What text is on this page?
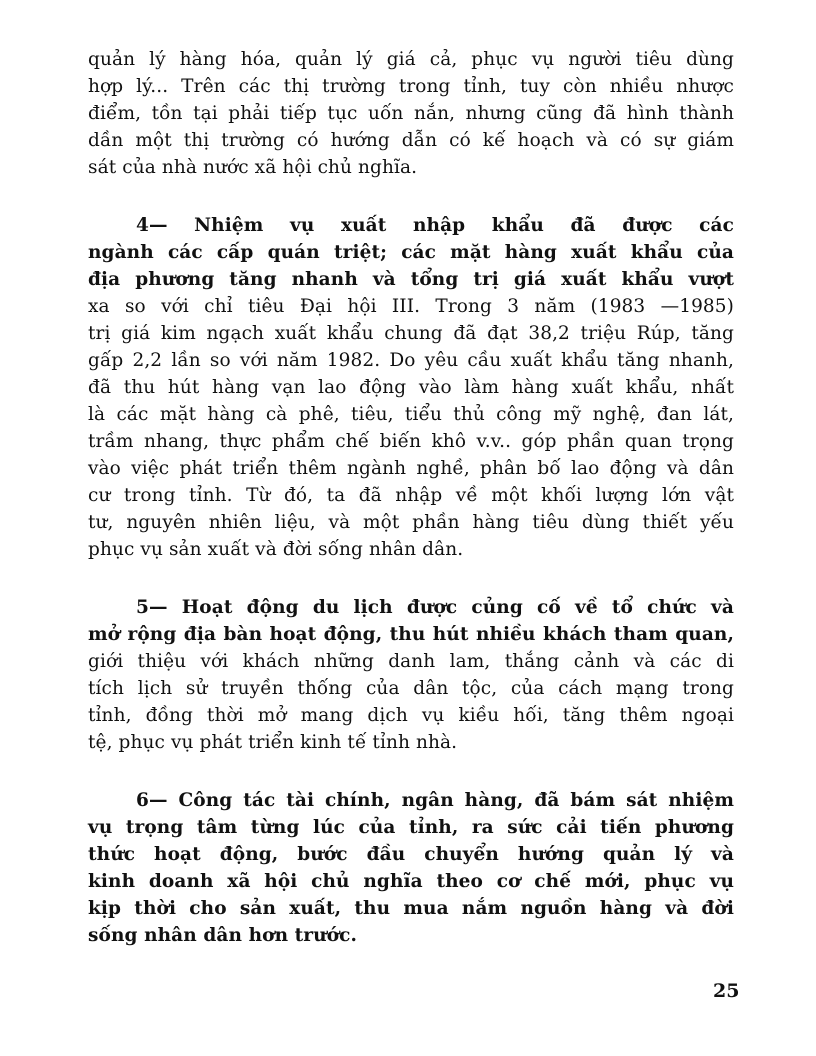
quản lý hàng hóa, quản lý giá cả, phục vụ người tiêu dùng
hợp lý... Trên các thị trường trong tỉnh, tuy còn nhiều nhược
điểm, tồn tại phải tiếp tục uốn nắn, nhưng cũng đã hình thành
dần một thị trường có hướng dẫn có kế hoạch và có sự giám
sát của nhà nước xã hội chủ nghĩa.
4— Nhiệm vụ xuất nhập khẩu đã được các
ngành các cấp quán triệt; các mặt hàng xuất khẩu của
địa phương tăng nhanh và tổng trị giá xuất khẩu vượt
xa so với chỉ tiêu Đại hội III. Trong 3 năm (1983 —1985)
trị giá kim ngạch xuất khẩu chung đã đạt 38,2 triệu Rúp, tăng
gấp 2,2 lần so với năm 1982. Do yêu cầu xuất khẩu tăng nhanh,
đã thu hút hàng vạn lao động vào làm hàng xuất khẩu, nhất
là các mặt hàng cà phê, tiêu, tiểu thủ công mỹ nghệ, đan lát,
trầm nhang, thực phẩm chế biến khô v.v.. góp phần quan trọng
vào việc phát triển thêm ngành nghề, phân bố lao động và dân
cư trong tỉnh. Từ đó, ta đã nhập về một khối lượng lớn vật
tư, nguyên nhiên liệu, và một phần hàng tiêu dùng thiết yếu
phục vụ sản xuất và đời sống nhân dân.
5— Hoạt động du lịch được củng cố về tổ chức và
mở rộng địa bàn hoạt động, thu hút nhiều khách tham quan,
giới thiệu với khách những danh lam, thắng cảnh và các di
tích lịch sử truyền thống của dân tộc, của cách mạng trong
tỉnh, đồng thời mở mang dịch vụ kiều hối, tăng thêm ngoại
tệ, phục vụ phát triển kinh tế tỉnh nhà.
6— Công tác tài chính, ngân hàng, đã bám sát nhiệm
vụ trọng tâm từng lúc của tỉnh, ra sức cải tiến phương
thức hoạt động, bước đầu chuyển hướng quản lý và
kinh doanh xã hội chủ nghĩa theo cơ chế mới, phục vụ
kịp thời cho sản xuất, thu mua nắm nguồn hàng và đời
sống nhân dân hơn trước.
25
